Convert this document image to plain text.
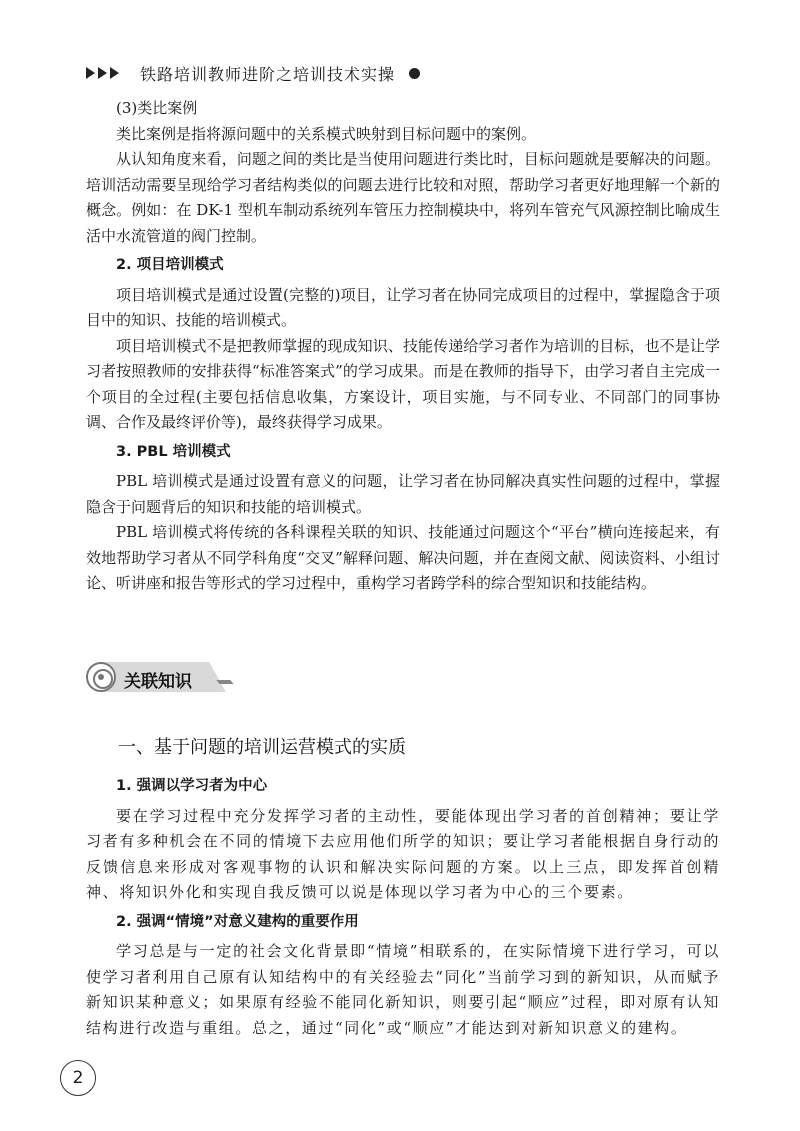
铁路培训教师进阶之培训技术实操

(3)类比案例

类比案例是指将源问题中的关系模式映射到目标问题中的案例。

从认知角度来看，问题之间的类比是当使用问题进行类比时，目标问题就是要解决的问题。培训活动需要呈现给学习者结构类似的问题去进行比较和对照，帮助学习者更好地理解一个新的概念。例如：在 DK-1 型机车制动系统列车管压力控制模块中，将列车管充气风源控制比喻成生活中水流管道的阀门控制。

2. 项目培训模式

项目培训模式是通过设置(完整的)项目，让学习者在协同完成项目的过程中，掌握隐含于项目中的知识、技能的培训模式。

项目培训模式不是把教师掌握的现成知识、技能传递给学习者作为培训的目标，也不是让学习者按照教师的安排获得“标准答案式”的学习成果。而是在教师的指导下，由学习者自主完成一个项目的全过程(主要包括信息收集，方案设计，项目实施，与不同专业、不同部门的同事协调、合作及最终评价等)，最终获得学习成果。

3. PBL 培训模式

PBL 培训模式是通过设置有意义的问题，让学习者在协同解决真实性问题的过程中，掌握隐含于问题背后的知识和技能的培训模式。

PBL 培训模式将传统的各科课程关联的知识、技能通过问题这个“平台”横向连接起来，有效地帮助学习者从不同学科角度“交叉”解释问题、解决问题，并在查阅文献、阅读资料、小组讨论、听讲座和报告等形式的学习过程中，重构学习者跨学科的综合型知识和技能结构。

关联知识
一、基于问题的培训运营模式的实质

1. 强调以学习者为中心

要在学习过程中充分发挥学习者的主动性，要能体现出学习者的首创精神；要让学习者有多种机会在不同的情境下去应用他们所学的知识；要让学习者能根据自身行动的反馈信息来形成对客观事物的认识和解决实际问题的方案。以上三点，即发挥首创精神、将知识外化和实现自我反馈可以说是体现以学习者为中心的三个要素。

2. 强调“情境”对意义建构的重要作用

学习总是与一定的社会文化背景即“情境”相联系的，在实际情境下进行学习，可以使学习者利用自己原有认知结构中的有关经验去“同化”当前学习到的新知识，从而赋予新知识某种意义；如果原有经验不能同化新知识，则要引起“顺应”过程，即对原有认知结构进行改造与重组。总之，通过“同化”或“顺应”才能达到对新知识意义的建构。

2
